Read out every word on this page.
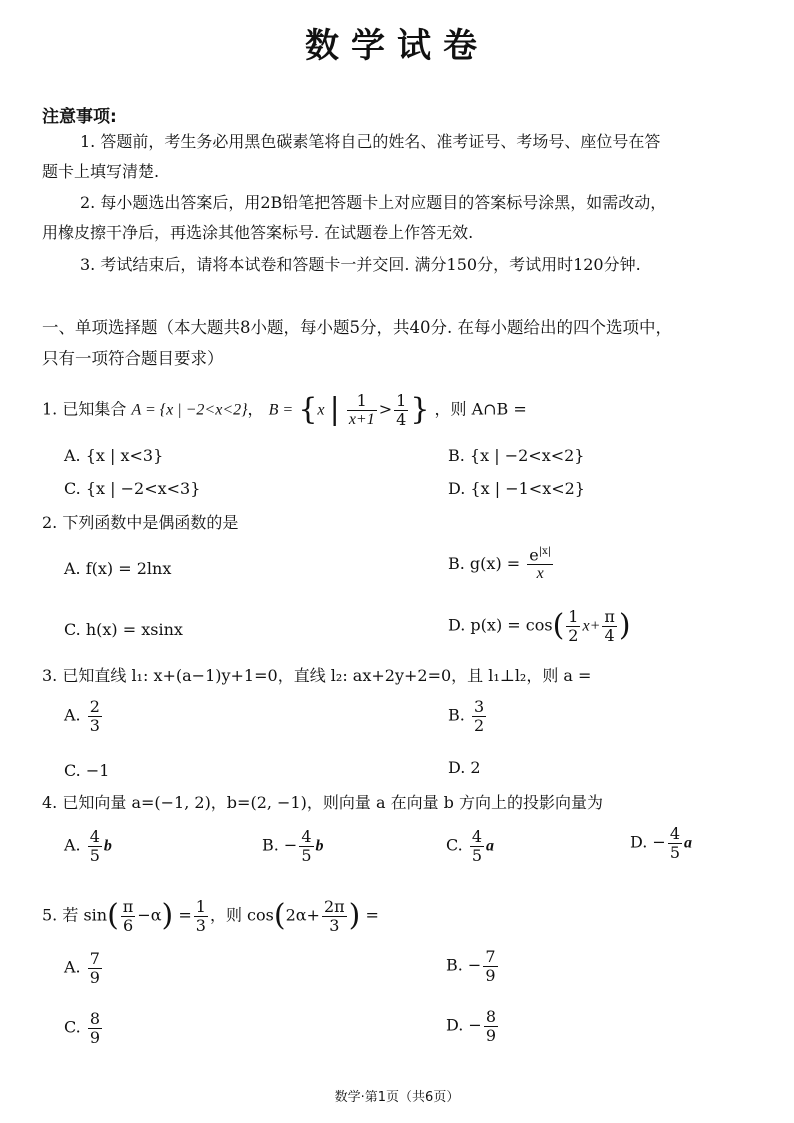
数学试卷
注意事项:
1. 答题前，考生务必用黑色碳素笔将自己的姓名、准考证号、考场号、座位号在答
题卡上填写清楚.
2. 每小题选出答案后，用2B铅笔把答题卡上对应题目的答案标号涂黑，如需改动，
用橡皮擦干净后，再选涂其他答案标号. 在试题卷上作答无效.
3. 考试结束后，请将本试卷和答题卡一并交回. 满分150分，考试用时120分钟.
一、单项选择题（本大题共8小题，每小题5分，共40分. 在每小题给出的四个选项中，
只有一项符合题目要求）
1. 已知集合 A = {x | −2<x<2}， B = {x | $\frac{1}{x+1} > \frac{1}{4}$ } ，则 A∩B =
A. {x | x<3}	B. {x | −2<x<2}
C. {x | −2<x<3}	D. {x | −1<x<2}
2. 下列函数中是偶函数的是
A. f(x) = 2lnx	B. $g(x) = \frac{e^{|x|}}{x}$
C. h(x) = xsinx	D. $p(x) = \cos( \frac{1}{2} x+ \frac{\pi}{4}$ )
3. 已知直线 l₁: x+(a−1)y+1=0，直线 l₂: ax+2y+2=0，且 l₁⊥l₂，则 a =
A. $\frac{2}{3}$	B. $\frac{3}{2}$
C. −1	D. 2
4. 已知向量 a=(−1, 2)，b=(2, −1)，则向量 a 在向量 b 方向上的投影向量为
A. $\frac{4}{5}$ b	B. − $\frac{4}{5}$ b	C. $\frac{4}{5}$ a	D. − $\frac{4}{5}$ a
5. 若 $\sin( \frac{\pi}{6} -\alpha) = \frac{1}{3}$ ，则 $\cos(2\alpha+ \frac{2\pi}{3}$ ) =
A. $\frac{7}{9}$	B. − $\frac{7}{9}$
C. $\frac{8}{9}$	D. − $\frac{8}{9}$
数学·第1页（共6页）
